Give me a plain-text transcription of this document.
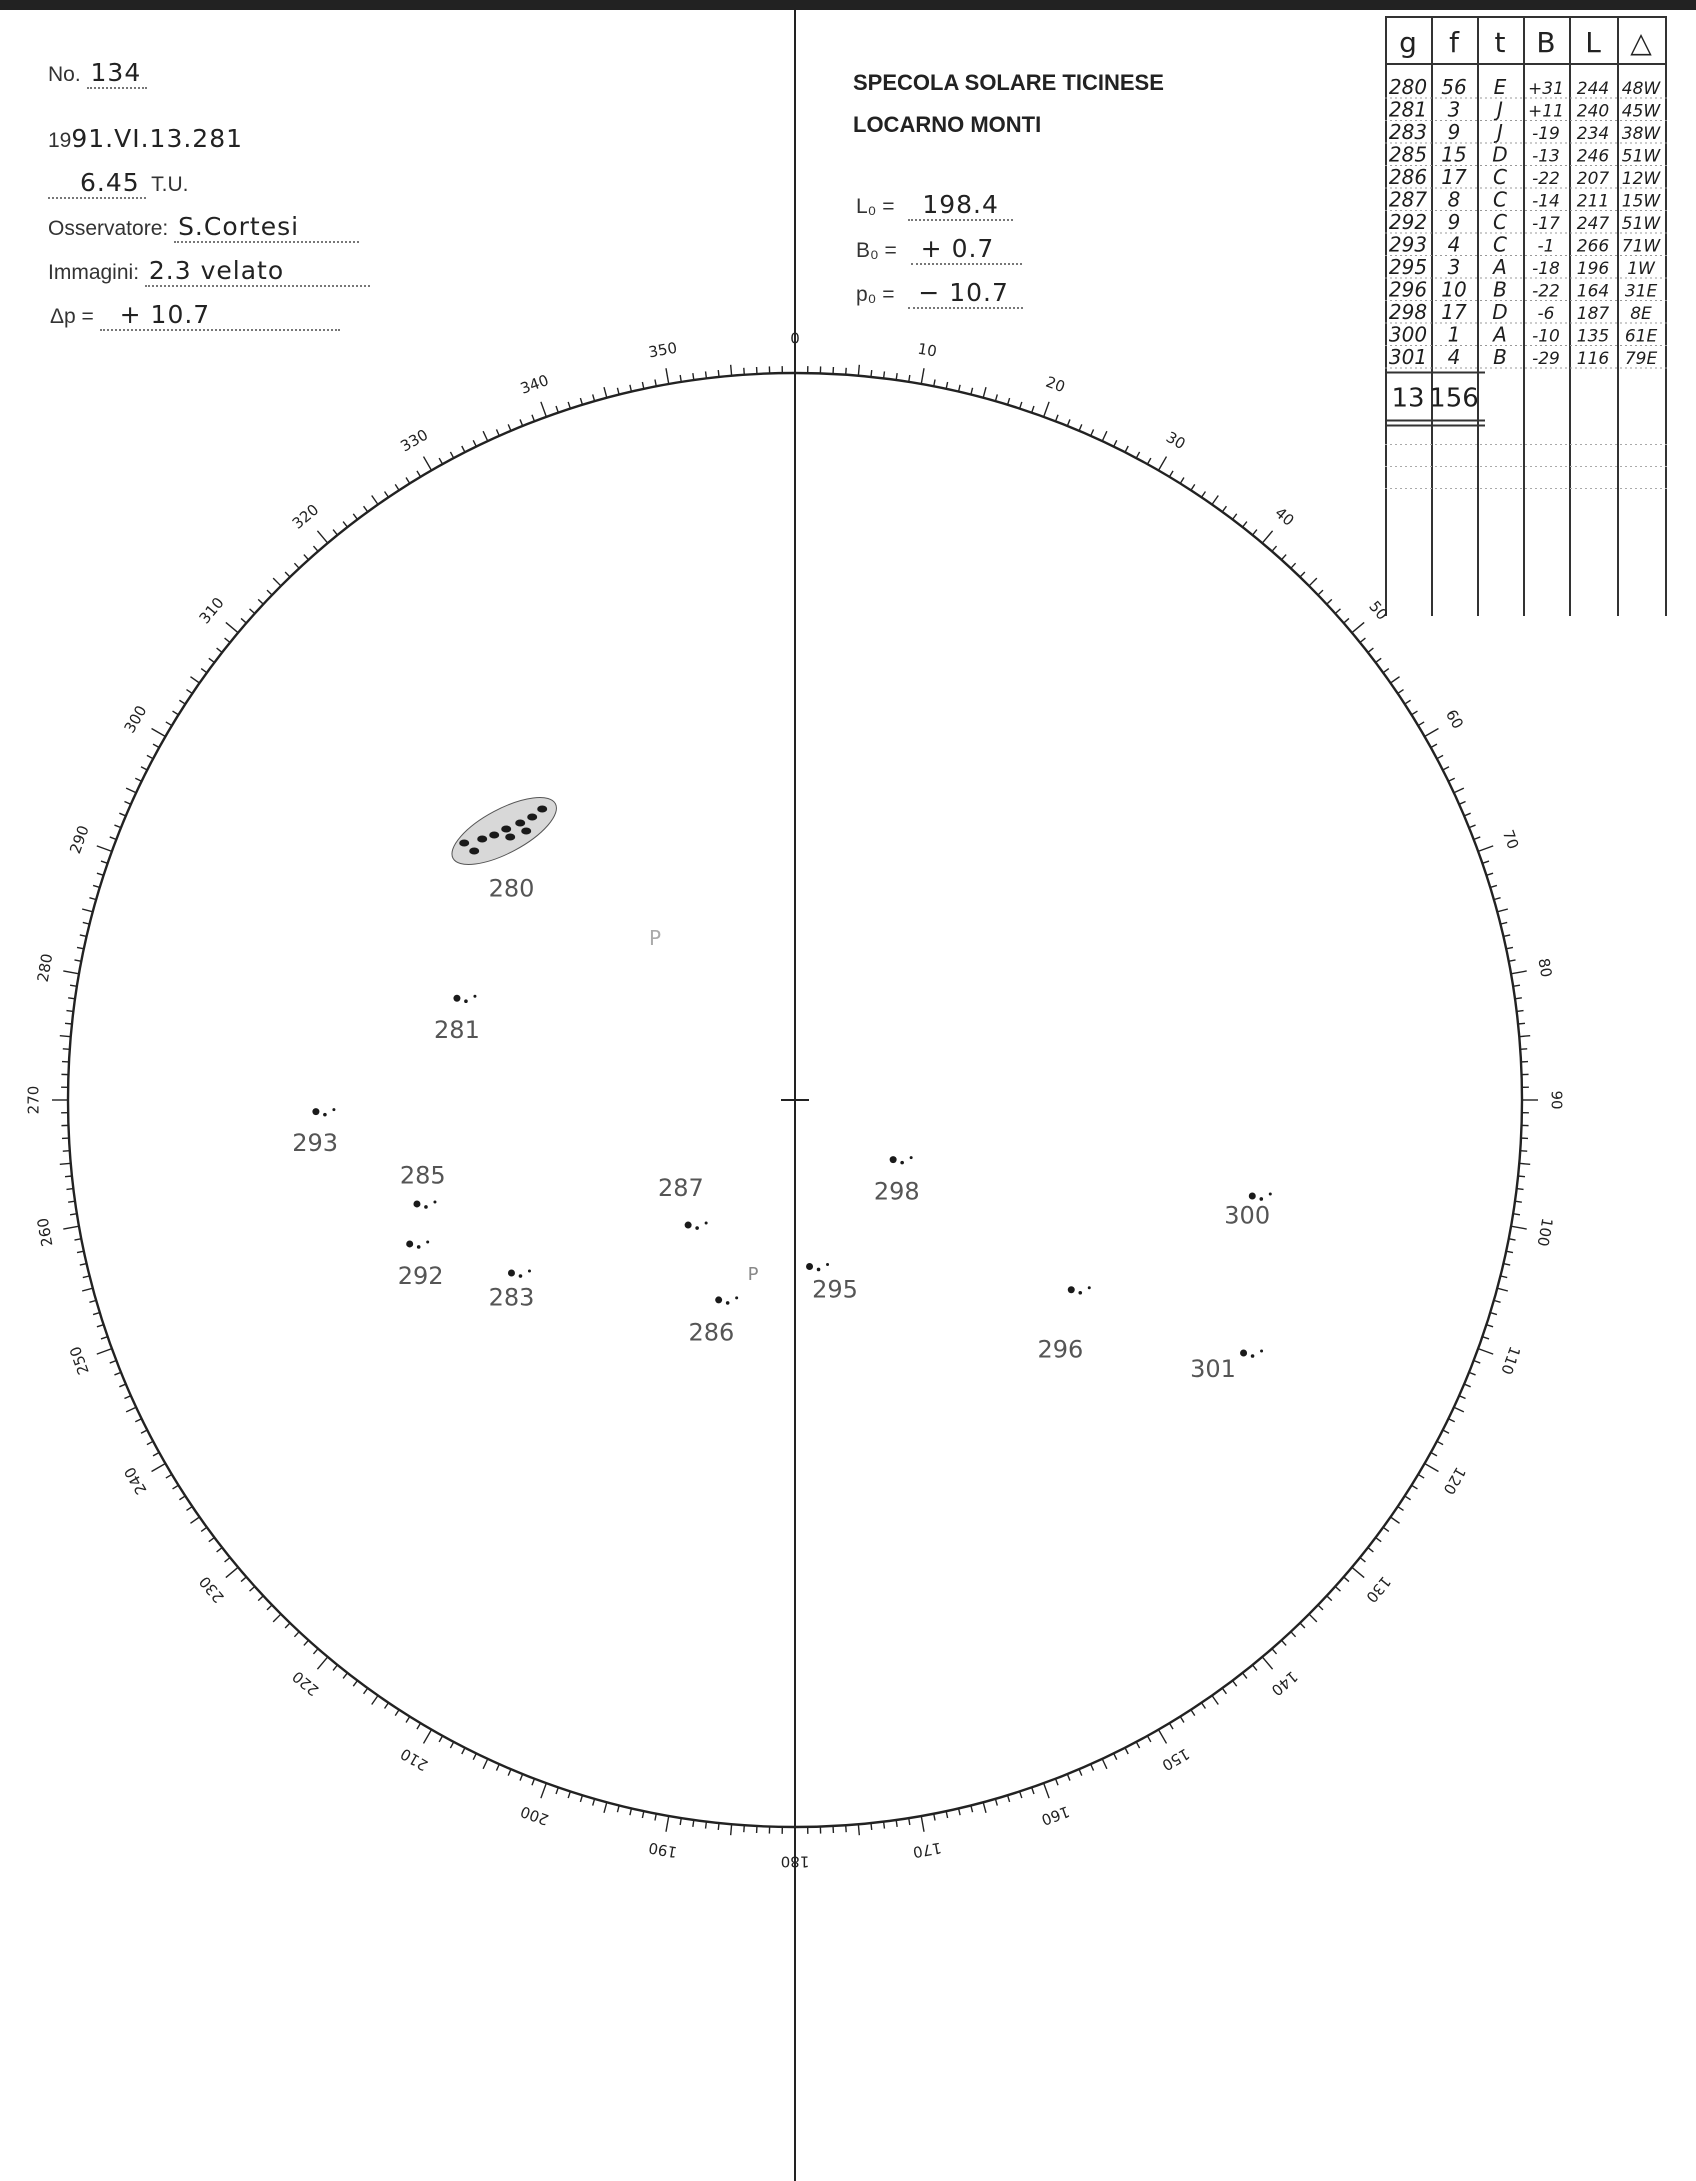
No. 134
1991.VI.13.281
6.45 T.U.
Osservatore: S.Cortesi
Immagini: 2.3 velato
Δp = + 10.7
SPECOLA SOLARE TICINESE
LOCARNO MONTI
L₀ = 198.4
B₀ = + 0.7
p₀ = − 10.7
g f t B L △
280 56 E +31 244 48W
281 3 J +11 240 45W
283 9 J -19 234 38W
285 15 D -13 246 51W
286 17 C -22 207 12W
287 8 C -14 211 15W
292 9 C -17 247 51W
293 4 C -1 266 71W
295 3 A -18 196 1W
296 10 B -22 164 31E
298 17 D -6 187 8E
300 1 A -10 135 61E
301 4 B -29 116 79E
13 156
0
10
20
30
40
50
60
70
80
90
100
110
120
130
140
150
160
170
180
190
200
210
220
230
240
250
260
270
280
290
300
310
320
330
340
350
280
281
293
285
292
283
287
286
295
298
296
300
301
P
P
